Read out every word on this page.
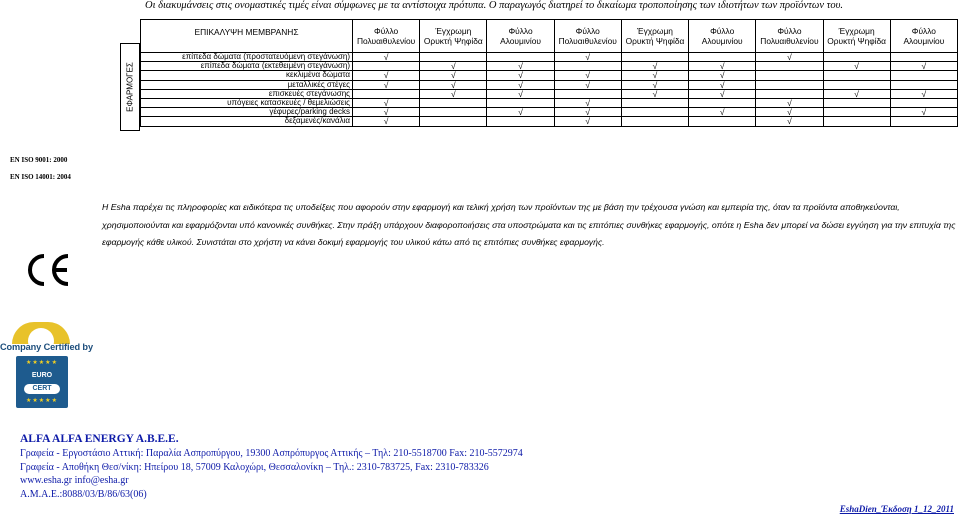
Οι διακυμάνσεις στις ονομαστικές τιμές είναι σύμφωνες με τα αντίστοιχα πρότυπα. Ο παραγωγός διατηρεί το δικαίωμα τροποποίησης των ιδιοτήτων των προϊόντων του.
ΕΦΑΡΜΟΓΕΣ
ΕΠΙΚΑΛΥΨΗ ΜΕΜΒΡΑΝΗΣ	Φύλλο Πολυαιθυλενίου	Έγχρωμη Ορυκτή Ψηφίδα	Φύλλο Αλουμινίου	Φύλλο Πολυαιθυλενίου	Έγχρωμη Ορυκτή Ψηφίδα	Φύλλο Αλουμινίου	Φύλλο Πολυαιθυλενίου	Έγχρωμη Ορυκτή Ψηφίδα	Φύλλο Αλουμινίου
επίπεδα δώματα (προστατευόμενη στεγάνωση)	√			√			√		
επίπεδα δώματα (εκτεθειμένη στεγάνωση)		√	√		√	√		√	√
κεκλιμένα δώματα	√	√	√	√	√	√			
μεταλλικές στέγες	√	√	√	√	√	√			
επισκευές στεγάνωσης		√	√		√	√		√	√
υπόγειες κατασκευές / θεμελιώσεις	√			√			√		
γέφυρες/parking decks	√		√	√		√	√		√
δεξαμενές/κανάλια	√			√			√		
EN ISO 9001: 2000
EN ISO 14001: 2004
Η Esha παρέχει τις πληροφορίες και ειδικότερα τις υποδείξεις που αφορούν στην εφαρμογή και τελική χρήση των προϊόντων της με βάση την τρέχουσα γνώση και εμπειρία της, όταν τα προϊόντα αποθηκεύονται, χρησιμοποιούνται και εφαρμόζονται υπό κανονικές συνθήκες. Στην πράξη υπάρχουν διαφοροποιήσεις στα υποστρώματα και τις επιτόπιες συνθήκες εφαρμογής, οπότε η Esha δεν μπορεί να δώσει εγγύηση για την επιτυχία της εφαρμογής κάθε υλικού. Συνιστάται στο χρήστη να κάνει δοκιμή εφαρμογής του υλικού κάτω από τις επιτόπιες συνθήκες εφαρμογής.
Company Certified by
★★★★★
EURO
CERT
★★★★★
ALFA ALFA ENERGY A.B.E.E.
Γραφεία - Εργοστάσιο Αττική: Παραλία Ασπροπύργου, 19300 Ασπρόπυργος Αττικής – Τηλ: 210-5518700 Fax: 210-5572974
Γραφεία - Αποθήκη Θεσ/νίκη: Ηπείρου 18, 57009 Καλοχώρι, Θεσσαλονίκη – Τηλ.: 2310-783725, Fax: 2310-783326
www.esha.gr info@esha.gr
Α.Μ.Α.Ε.:8088/03/Β/86/63(06)
EshaDien_Έκδοση 1_12_2011
